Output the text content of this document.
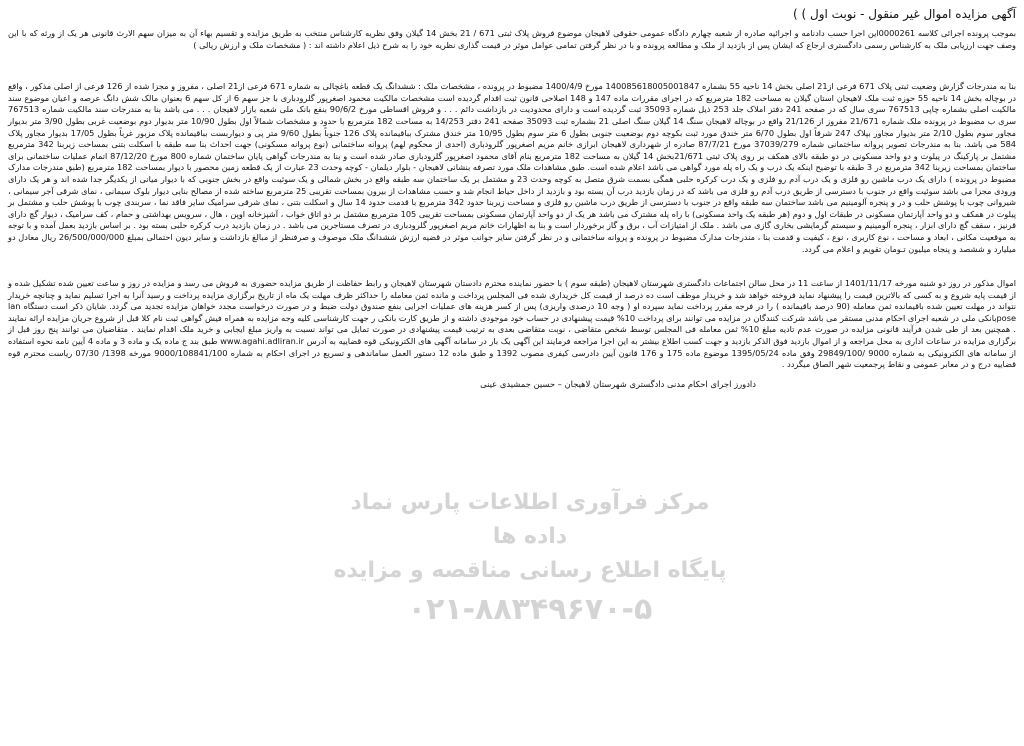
آگهی مزایده اموال غیر منقول - نوبت اول ) )

بموجب پرونده اجرائی کلاسه 0000261این اجرا حسب دادنامه و اجرائیه صادره از شعبه چهارم دادگاه عمومی حقوقی لاهیجان موضوع فروش پلاک ثبتی 671 / 21 بخش 14 گیلان وفق نظریه کارشناس منتخب به طریق مزایده و تقسیم بهاء آن به میزان سهم الارث قانونی هر یک از ورثه که با این وصف جهت ارزیابی ملک به کارشناس رسمی دادگستری ارجاع که ایشان پس از بازدید از ملک و مطالعه پرونده و با در نظر گرفتن تمامی عوامل موثر در قیمت گذاری نظریه خود را به شرح ذیل اعلام داشته اند : ( مشخصات ملک و ارزش ریالی )

بنا به مندرجات گزارش وضعیت ثبتی پلاک 671 فرعی از21 اصلی بخش 14 ناحیه 55 بشماره 140085618005001847 مورخ 1400/4/9 مضبوط در پرونده ، مشخصات ملک : ششدانگ یک قطعه باغچالی به شماره 671 فرعی از21 اصلی ، مفروز و مجزا شده از 126 فرعی از اصلی مذکور ، واقع در بوچاله بخش 14 ناحیه 55 حوزه ثبت ملک لاهیجان استان گیلان به مساحت 182 مترمربع که در اجرای مقررات ماده 147 و 148 اصلاحی قانون ثبت اقدام گردیده است مشخصات مالکیت محمود اصغرپور گلرودباری با جز سهم 6 از کل سهم 6 بعنوان مالک شش دانگ عرصه و اعیان موضوع سند مالکیت اصلی بشماره چاپی 767513 سری سال که در صفحه 241 دفتر املاک جلد 253 ذیل شماره 35093 ثبت گردیده است و دارای محدودیت در بازداشت دائم . . . و فروش اقساطی مورخ 90/6/2 بنفع بانک ملی شعبه بازار لاهیجان . . . می باشد بنا به مندرجات سند مالکیت شماره 767513 سری ب مضبوط در پرونده ملک شماره 21/671 مفروز از 21/126 واقع در بوچاله لاهیجان سنگ 14 گیلان سنگ اصلی 21 بشماره ثبت 35093 صفحه 241 دفتر 14/253 به مساحت 182 مترمربع با حدود و مشخصات شمالاً اول بطول 10/90 متر بدیوار دوم بوضعیت غربی بطول 3/90 متر بدیوار مجاور سوم بطول 2/10 متر بدیوار مجاور بپلاک 247 شرقاً اول بطول 6/70 متر خندق مورد ثبت بکوچه دوم بوضعیت جنوبی بطول 6 متر سوم بطول 10/95 متر خندق مشترک بباقیمانده پلاک 126 جنوباً بطول 9/60 متر پی و دیواربست بباقیمانده پلاک مزبور غرباً بطول 17/05 بدیوار مجاور پلاک 584 می باشد. بنا به مندرجات تصویر پروانه ساختمانی شماره 37039/279 مورخ 87/7/21 صادره از شهرداری لاهیجان ابرازی خانم مریم اصغرپور گلرودباری (احدی از محکوم لهم) پروانه ساختمانی (نوع پروانه مسکونی) جهت احداث بنا سه طبقه با اسکلت بتنی بمساحت زیربنا 342 مترمربع مشتمل بر پارکینگ در پیلوت و دو واحد مسکونی در دو طبقه بالای همکف بر روی پلاک ثبتی 21/671بخش 14 گیلان به مساحت 182 مترمربع بنام آقای محمود اصغرپور گلرودباری صادر شده است و بنا به مندرجات گواهی پایان ساختمان شماره 800 مورخ 87/12/20 اتمام عملیات ساختمانی برای ساختمان بمساحت زیربنا 342 مترمربع در 3 طبقه با توضیح اینکه یک درب و یک راه پله مورد گواهی می باشد اعلام شده است. طبق مشاهدات ملک مورد تصرفه بنشانی لاهیجان - بلوار دیلمان - کوچه وحدت 23 عبارت از یک قطعه زمین محصور با دیوار بمساحت 182 مترمربع (طبق مندرجات مدارک مضبوط در پرونده ) دارای یک درب ماشین رو فلزی و یک درب آدم رو فلزی و یک درب کرکره حلبی همگی بسمت شرق متصل به کوچه وحدت 23 و مشتمل بر یک ساختمان سه طبقه واقع در بخش شمالی و یک سوئیت واقع در بخش جنوبی که با دیوار میانی از یکدیگر جدا شده اند و هر یک دارای ورودی مجزا می باشد سوئیت واقع در جنوب با دسترسی از طریق درب آدم رو فلزی می باشد که در زمان بازدید درب آن بسته بود و بازدید از داخل حیاط انجام شد و حسب مشاهدات از بیرون بمساحت تقریبی 25 مترمربع ساخته شده از مصالح بنایی دیوار بلوک سیمانی ، نمای شرقی آجر سیمانی ، شیروانی چوب با پوشش حلب و در و پنجره آلومینیم می باشد ساختمان سه طبقه واقع در جنوب با دسترسی از طریق درب ماشین رو فلزی و مساحت زیربنا حدود 342 مترمربع با قدمت حدود 14 سال و اسکلت بتنی ، نمای شرقی سرامیک سایر فاقد نما ، سربندی چوب با پوشش حلب و مشتمل بر پیلوت در همکف و دو واحد آپارتمان مسکونی در طبقات اول و دوم (هر طبقه یک واحد مسکونی) با راه پله مشترک می باشد هر یک از دو واحد آپارتمان مسکونی بمساحت تقریبی 105 مترمربع مشتمل بر دو اتاق خواب ، آشپزخانه اوپن ، هال ، سرویس بهداشتی و حمام ، کف سرامیک ، دیوار گچ دارای قرنیز ، سقف گچ دارای ابزار ، پنجره آلومینیم و سیستم گرمایشی بخاری گازی می باشد . ملک از امتیازات آب ، برق و گاز برخوردار است و بنا به اظهارات خانم مریم اصغرپور گلرودباری در تصرف مستاجرین می باشد . در زمان بازدید درب کرکره حلبی بسته بود . بر اساس بازدید بعمل آمده و با توجه به موقعیت مکانی ، ابعاد و مساحت ، نوع کاربری ، نوع ، کیفیت و قدمت بنا ، مندرجات مدارک مضبوط در پرونده و پروانه ساختمانی و در نظر گرفتن سایر جوانب موثر در قضیه ارزش ششدانگ ملک موصوف و صرفنظر از مبالغ بازداشت و سایر دیون احتمالی بمبلغ 26/500/000/000 ریال معادل دو میلیارد و ششصد و پنجاه میلیون تـومان تقویم و اعلام می گردد.

اموال مذکور در روز دو شنبه مورخه 1401/11/17 از ساعت 11 در محل سالن اجتماعات دادگستری شهرستان لاهیجان (طبقه سوم ) با حضور نماینده محترم دادستان شهرستان لاهیجان و رابط حفاظت از طریق مزایده حضوری به فروش می رسد و مزایده در روز و ساعت تعیین شده تشکیل شده و از قیمت پایه شروع و به کسی که بالاترین قیمت را پیشنهاد نماید فروخته خواهد شد و خریدار موظف است ده درصد از قیمت کل خریداری شده فی المجلس پرداخت و مانده ثمن معامله را حداکثر ظرف مهلت یک ماه از تاریخ برگزاری مزایده پرداخت و رسید آنرا به اجرا تسلیم نماید و چنانچه خریدار نتواند در مهلت تعیین شده باقیمانده ثمن معامله (90 درصد باقیمانده ) را در فرجه مقرر پرداخت نماید سپرده او ( وجه 10 درصدی واریزی) پس از کسر هزینه های عملیات اجرایی بنفع صندوق دولت ضبط و در صورت درخواست مجدد خواهان مزایده تجدید می گردد. شایان ذکر است دستگاه lan poseبانکی ملی در شعبه اجرای احکام مدنی مستقر می باشد شرکت کنندگان در مزایده می توانند برای پرداخت 10% قیمت پیشنهادی در حساب خود موجودی داشته و از طریق کارت بانکی ر جهت کارشناسی کلیه وجه مزایده به همراه فیش گواهی ثبت نام کلا قبل از شروع جریان مزایده ارائه نمایند . همچنین بعد از طی شدن فرآیند قانونی مزایده در صورت عدم تادیه مبلغ 10% ثمن معامله فی المجلس توسط شخص متقاضی ، نوبت متقاضی بعدی به ترتیب قیمت پیشنهادی در صورت تمایل می تواند نسبت به واریز مبلغ ایجابی و خرید ملک اقدام نمایند . متقاضیان می توانند پنج روز قبل از برگزاری مزایده در ساعات اداری به محل مراجعه و از اموال بازدید فوق الذکر بازدید و جهت کسب اطلاع بیشتر به این اجرا مراجعه فرمایند این آگهی یک بار در سامانه آگهی های الکترونیکی قوه قضاییه به آدرس www.agahi.adliran.ir طبق بند ج ماده یک و ماده 3 و ماده 4 آیین نامه نحوه استفاده از سامانه های الکترونیکی به شماره 9000 /29849/100 وفق ماده 1395/05/24 موضوع ماده 175 و 176 قانون آیین دادرسی کیفری مصوب 1392 و طبق ماده 12 دستور العمل ساماندهی و تسریع در اجرای احکام به شماره 9000/108841/100 مورخه 1398/ 07/30 ریاست محترم قوه قضاییه درج و در معابر عمومی و نقاط پرجمعیت شهر الصاق میگردد .

دادورز اجرای احکام مدنی دادگستری شهرستان لاهیجان – حسین جمشیدی عینی

مرکز فرآوری اطلاعات پارس نماد داده ها

پایگاه اطلاع رسانی مناقصه و مزایده

۰۲۱-۸۸۳۴۹۶۷۰-۵
